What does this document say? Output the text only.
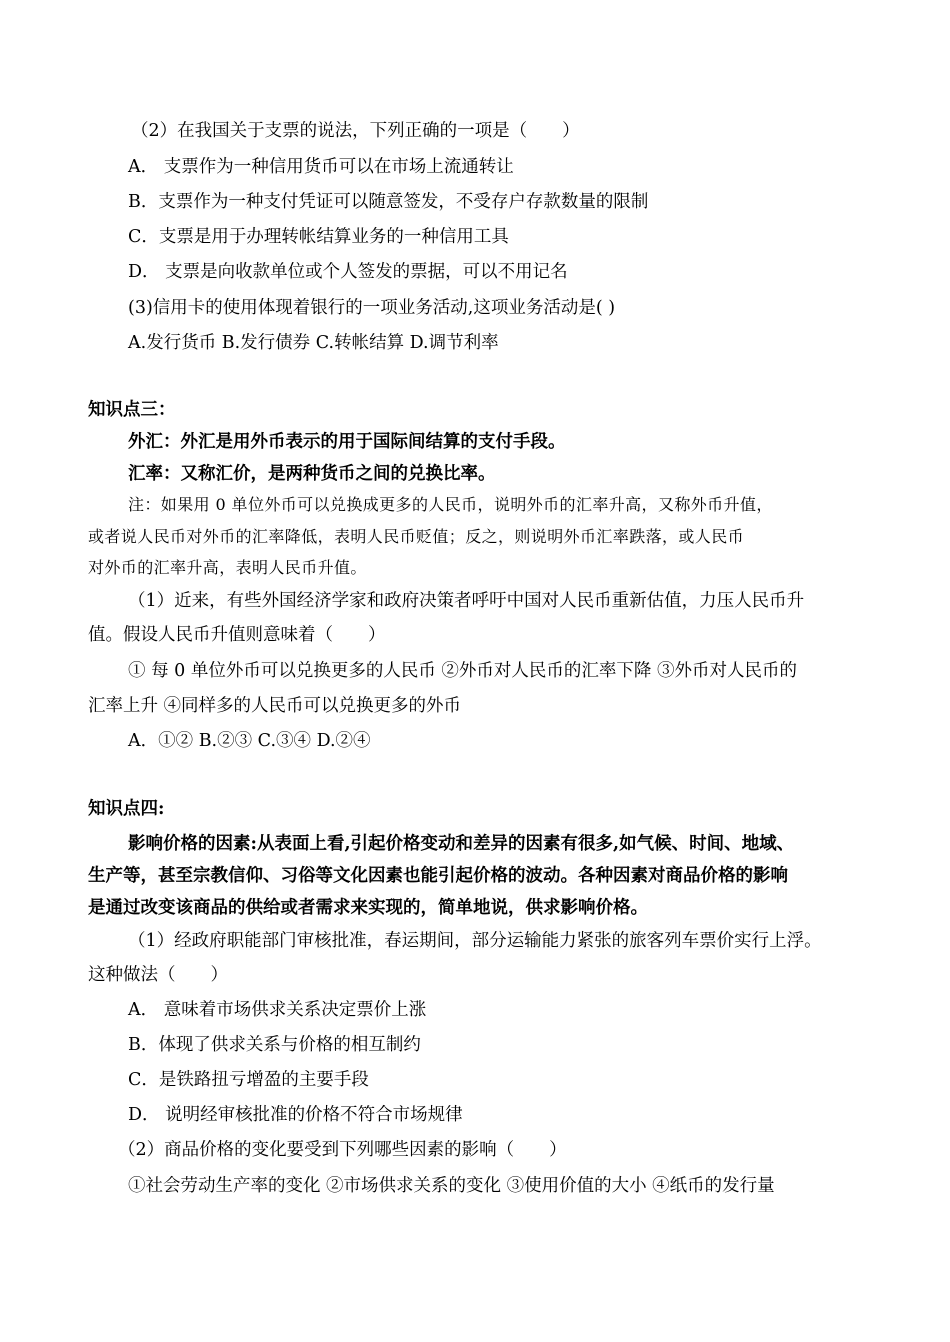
（2）在我国关于支票的说法，下列正确的一项是（　　）
A． 支票作为一种信用货币可以在市场上流通转让
B．支票作为一种支付凭证可以随意签发，不受存户存款数量的限制
C．支票是用于办理转帐结算业务的一种信用工具
D． 支票是向收款单位或个人签发的票据，可以不用记名
(3)信用卡的使用体现着银行的一项业务活动,这项业务活动是( )
A.发行货币 B.发行债券 C.转帐结算 D.调节利率
知识点三：
外汇：外汇是用外币表示的用于国际间结算的支付手段。
汇率：又称汇价，是两种货币之间的兑换比率。
注：如果用 0 单位外币可以兑换成更多的人民币，说明外币的汇率升高，又称外币升值，
或者说人民币对外币的汇率降低，表明人民币贬值；反之，则说明外币汇率跌落，或人民币
对外币的汇率升高，表明人民币升值。
（1）近来，有些外国经济学家和政府决策者呼吁中国对人民币重新估值，力压人民币升
值。假设人民币升值则意味着（　　）
① 每 0 单位外币可以兑换更多的人民币 ②外币对人民币的汇率下降 ③外币对人民币的
汇率上升 ④同样多的人民币可以兑换更多的外币
A．①② B.②③ C.③④ D.②④
知识点四:
影响价格的因素:从表面上看,引起价格变动和差异的因素有很多,如气候、时间、地域、
生产等，甚至宗教信仰、习俗等文化因素也能引起价格的波动。各种因素对商品价格的影响
是通过改变该商品的供给或者需求来实现的，简单地说，供求影响价格。
（1）经政府职能部门审核批准，春运期间，部分运输能力紧张的旅客列车票价实行上浮。
这种做法（　　）
A． 意味着市场供求关系决定票价上涨
B．体现了供求关系与价格的相互制约
C．是铁路扭亏增盈的主要手段
D． 说明经审核批准的价格不符合市场规律
（2）商品价格的变化要受到下列哪些因素的影响（　　）
①社会劳动生产率的变化 ②市场供求关系的变化 ③使用价值的大小 ④纸币的发行量
